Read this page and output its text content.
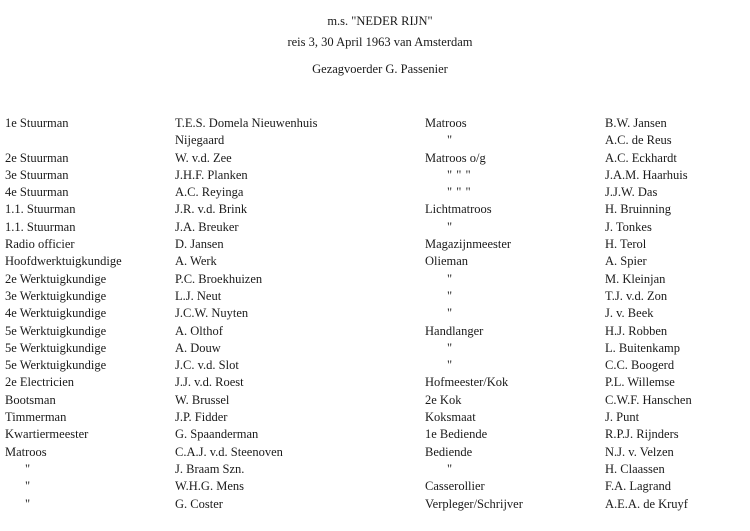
m.s. "NEDER RIJN"
reis 3, 30 April 1963 van Amsterdam
Gezagvoerder G. Passenier
1e Stuurman
2e Stuurman
3e Stuurman
4e Stuurman
1.1. Stuurman
1.1. Stuurman
Radio officier
Hoofdwerktuigkundige
2e Werktuigkundige
3e Werktuigkundige
4e Werktuigkundige
5e Werktuigkundige
5e Werktuigkundige
5e Werktuigkundige
2e Electricien
Bootsman
Timmerman
Kwartiermeester
Matroos
"
"
"
T.E.S. Domela Nieuwenhuis
Nijegaard
W. v.d. Zee
J.H.F. Planken
A.C. Reyinga
J.R. v.d. Brink
J.A. Breuker
D. Jansen
A. Werk
P.C. Broekhuizen
L.J. Neut
J.C.W. Nuyten
A. Olthof
A. Douw
J.C. v.d. Slot
J.J. v.d. Roest
W. Brussel
J.P. Fidder
G. Spaanderman
C.A.J. v.d. Steenoven
J. Braam Szn.
W.H.G. Mens
G. Coster
Matroos
"
Matroos o/g
" " "
" " "
Lichtmatroos
"
Magazijnmeester
Olieman
"
"
"
Handlanger
"
"
Hofmeester/Kok
2e Kok
Koksmaat
1e Bediende
Bediende
"
Casserollier
Verpleger/Schrijver
B.W. Jansen
A.C. de Reus
A.C. Eckhardt
J.A.M. Haarhuis
J.J.W. Das
H. Bruinning
J. Tonkes
H. Terol
A. Spier
M. Kleinjan
T.J. v.d. Zon
J. v. Beek
H.J. Robben
L. Buitenkamp
C.C. Boogerd
P.L. Willemse
C.W.F. Hanschen
J. Punt
R.P.J. Rijnders
N.J. v. Velzen
H. Claassen
F.A. Lagrand
A.E.A. de Kruyf
